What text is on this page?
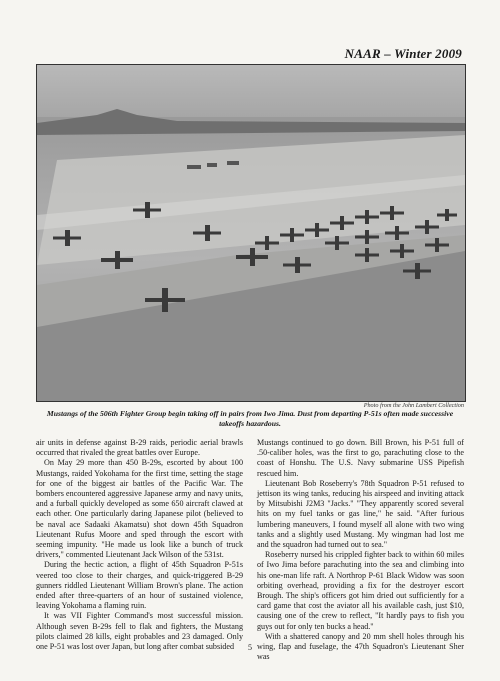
NAAR – Winter 2009
Photo from the John Lambert Collection
Mustangs of the 506th Fighter Group begin taking off in pairs from Iwo Jima. Dust from departing P-51s often made successive takeoffs hazardous.

air units in defense against B-29 raids, periodic aerial brawls occurred that rivaled the great battles over Europe.

On May 29 more than 450 B-29s, escorted by about 100 Mustangs, raided Yokohama for the first time, setting the stage for one of the biggest air battles of the Pacific War. The bombers encountered aggressive Japanese army and navy units, and a furball quickly developed as some 650 aircraft clawed at each other. One particularly daring Japanese pilot (believed to be naval ace Sadaaki Akamatsu) shot down 45th Squadron Lieutenant Rufus Moore and sped through the escort with seeming impunity. "He made us look like a bunch of truck drivers," commented Lieutenant Jack Wilson of the 531st.

During the hectic action, a flight of 45th Squadron P-51s veered too close to their charges, and quick-triggered B-29 gunners riddled Lieutenant William Brown's plane. The action ended after three-quarters of an hour of sustained violence, leaving Yokohama a flaming ruin.

It was VII Fighter Command's most successful mission. Although seven B-29s fell to flak and fighters, the Mustang pilots claimed 28 kills, eight probables and 23 damaged. Only one P-51 was lost over Japan, but long after combat subsided

Mustangs continued to go down. Bill Brown, his P-51 full of .50-caliber holes, was the first to go, parachuting close to the coast of Honshu. The U.S. Navy submarine USS Pipefish rescued him.

Lieutenant Bob Roseberry's 78th Squadron P-51 refused to jettison its wing tanks, reducing his airspeed and inviting attack by Mitsubishi J2M3 "Jacks." "They apparently scored several hits on my fuel tanks or gas line," he said. "After furious lumbering maneuvers, I found myself all alone with two wing tanks and a slightly used Mustang. My wingman had lost me and the squadron had turned out to sea."

Roseberry nursed his crippled fighter back to within 60 miles of Iwo Jima before parachuting into the sea and climbing into his one-man life raft. A Northrop P-61 Black Widow was soon orbiting overhead, providing a fix for the destroyer escort Brough. The ship's officers got him dried out sufficiently for a card game that cost the aviator all his available cash, just $10, causing one of the crew to reflect, "It hardly pays to fish you guys out for only ten bucks a head."

With a shattered canopy and 20 mm shell holes through his wing, flap and fuselage, the 47th Squadron's Lieutenant Sher was

5
